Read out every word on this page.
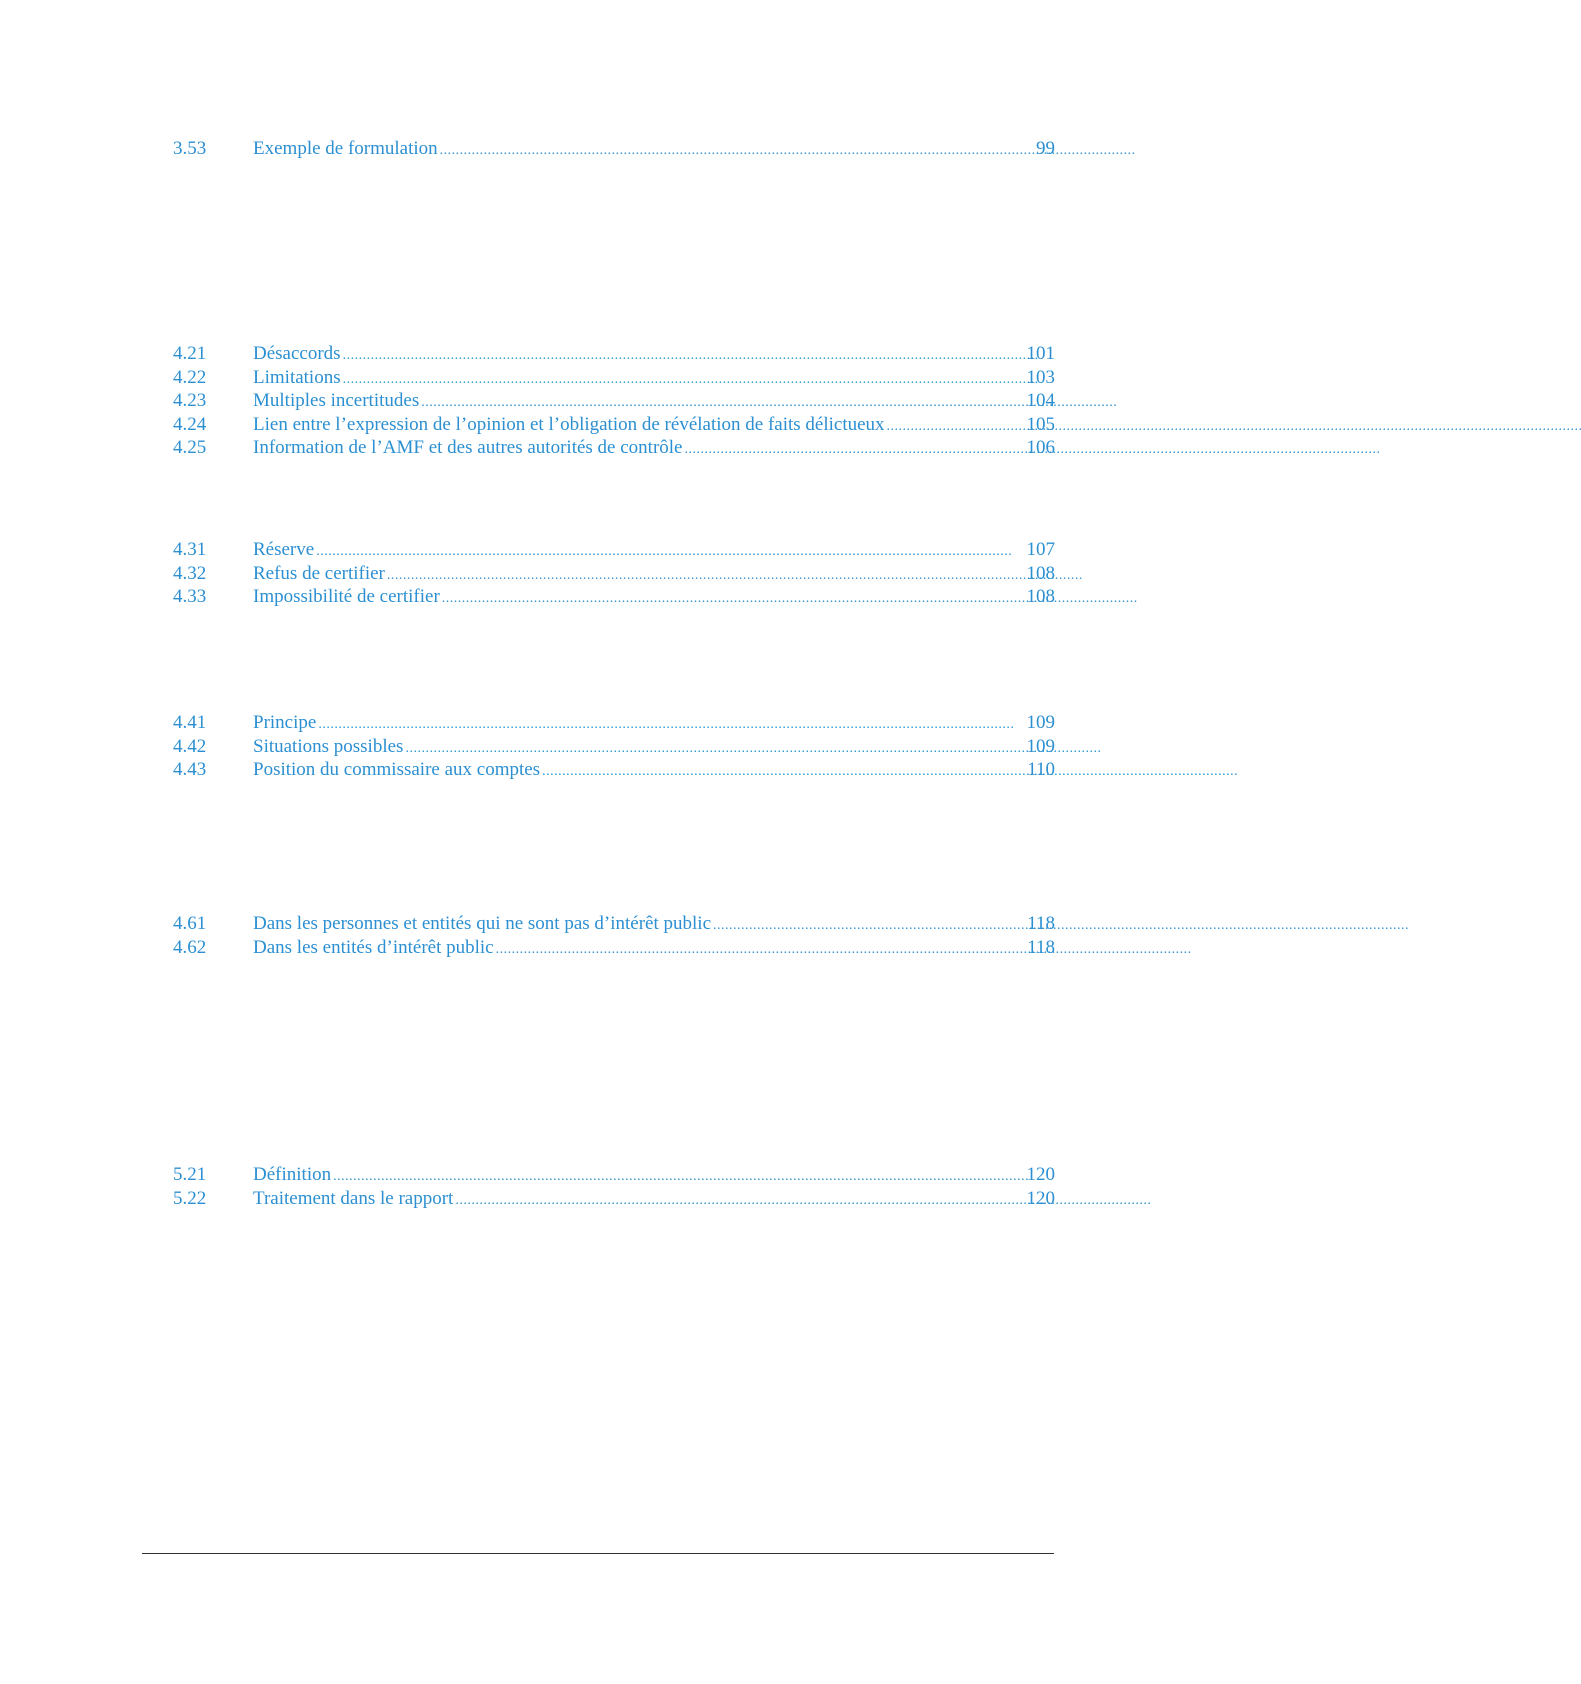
3.53	Exemple de formulation . . .	99
4.21	Désaccords . . .	101
4.22	Limitations . . .	103
4.23	Multiples incertitudes . . .	104
4.24	Lien entre l’expression de l’opinion et l’obligation de révélation de faits délictueux . . .	105
4.25	Information de l’AMF et des autres autorités de contrôle . . .	106
4.31	Réserve . . .	107
4.32	Refus de certifier . . .	108
4.33	Impossibilité de certifier . . .	108
4.41	Principe . . .	109
4.42	Situations possibles . . .	109
4.43	Position du commissaire aux comptes . . .	110
4.61	Dans les personnes et entités qui ne sont pas d’intérêt public . . .	118
4.62	Dans les entités d’intérêt public . . .	118
5.21	Définition . . .	120
5.22	Traitement dans le rapport . . .	120
